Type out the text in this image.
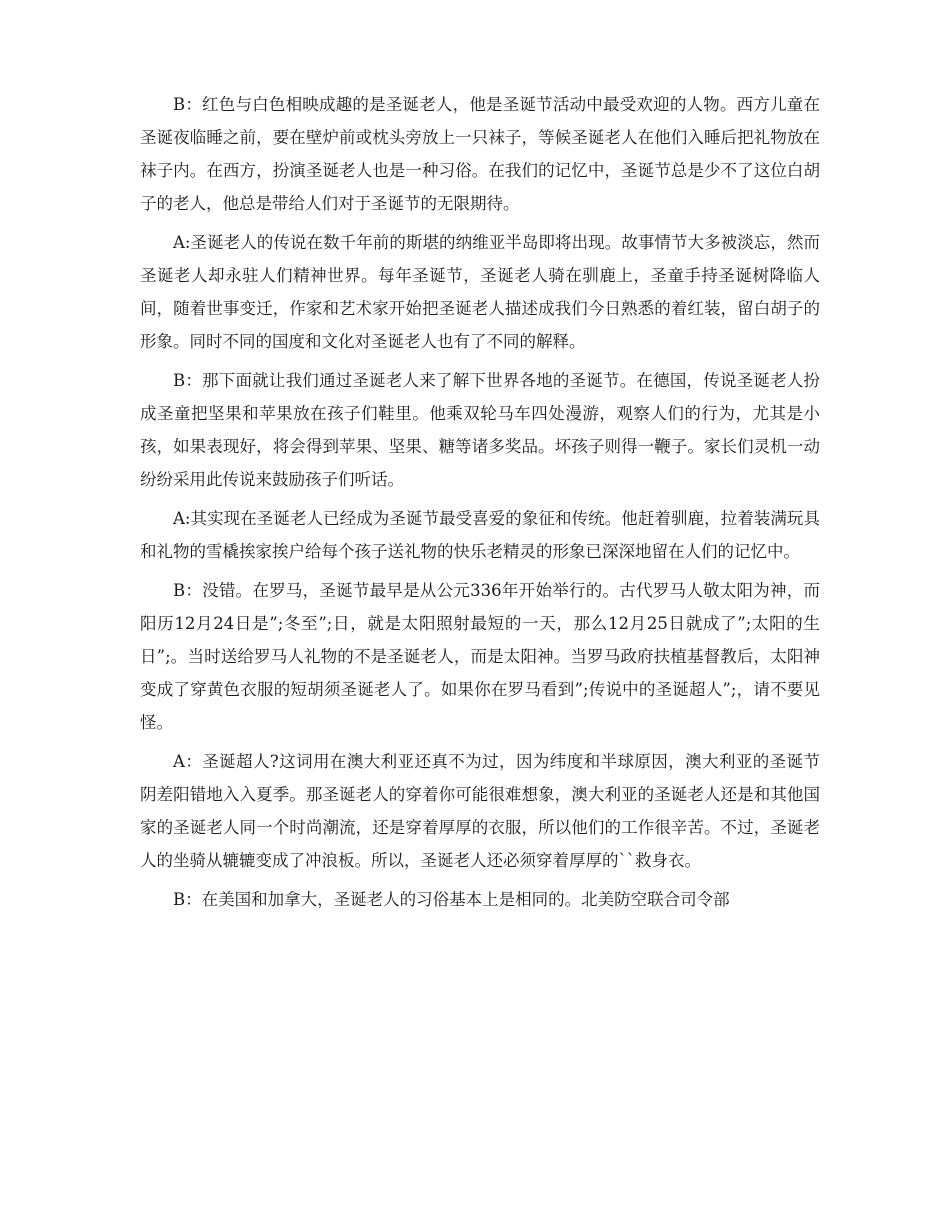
B：红色与白色相映成趣的是圣诞老人，他是圣诞节活动中最受欢迎的人物。西方儿童在圣诞夜临睡之前，要在壁炉前或枕头旁放上一只袜子，等候圣诞老人在他们入睡后把礼物放在袜子内。在西方，扮演圣诞老人也是一种习俗。在我们的记忆中，圣诞节总是少不了这位白胡子的老人，他总是带给人们对于圣诞节的无限期待。

A:圣诞老人的传说在数千年前的斯堪的纳维亚半岛即将出现。故事情节大多被淡忘，然而圣诞老人却永驻人们精神世界。每年圣诞节，圣诞老人骑在驯鹿上，圣童手持圣诞树降临人间，随着世事变迁，作家和艺术家开始把圣诞老人描述成我们今日熟悉的着红装，留白胡子的形象。同时不同的国度和文化对圣诞老人也有了不同的解释。

B：那下面就让我们通过圣诞老人来了解下世界各地的圣诞节。在德国，传说圣诞老人扮成圣童把坚果和苹果放在孩子们鞋里。他乘双轮马车四处漫游，观察人们的行为，尤其是小孩，如果表现好，将会得到苹果、坚果、糖等诸多奖品。坏孩子则得一鞭子。家长们灵机一动纷纷采用此传说来鼓励孩子们听话。

A:其实现在圣诞老人已经成为圣诞节最受喜爱的象征和传统。他赶着驯鹿，拉着装满玩具和礼物的雪橇挨家挨户给每个孩子送礼物的快乐老精灵的形象已深深地留在人们的记忆中。

B：没错。在罗马，圣诞节最早是从公元336年开始举行的。古代罗马人敬太阳为神，而阳历12月24日是”;冬至”;日，就是太阳照射最短的一天，那么12月25日就成了”;太阳的生日”;。当时送给罗马人礼物的不是圣诞老人，而是太阳神。当罗马政府扶植基督教后，太阳神变成了穿黄色衣服的短胡须圣诞老人了。如果你在罗马看到”;传说中的圣诞超人”;，请不要见怪。

A：圣诞超人?这词用在澳大利亚还真不为过，因为纬度和半球原因，澳大利亚的圣诞节阴差阳错地入入夏季。那圣诞老人的穿着你可能很难想象，澳大利亚的圣诞老人还是和其他国家的圣诞老人同一个时尚潮流，还是穿着厚厚的衣服，所以他们的工作很辛苦。不过，圣诞老人的坐骑从辘辘变成了冲浪板。所以，圣诞老人还必须穿着厚厚的``救身衣。

B：在美国和加拿大，圣诞老人的习俗基本上是相同的。北美防空联合司令部
